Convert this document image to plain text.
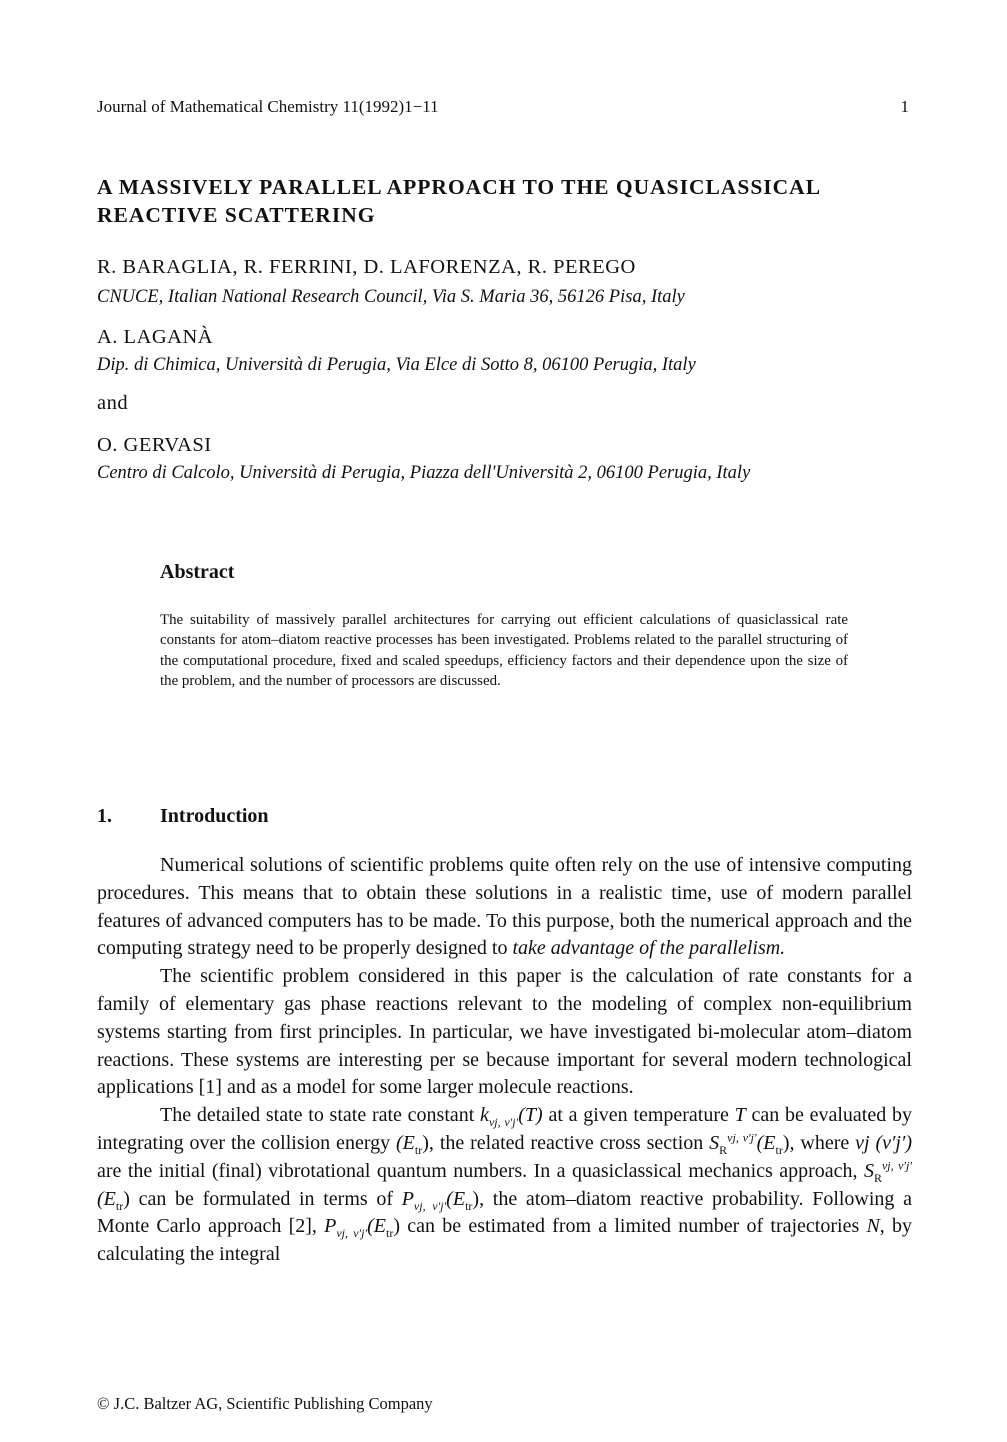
Journal of Mathematical Chemistry 11(1992)1−11	1
A MASSIVELY PARALLEL APPROACH TO THE QUASICLASSICAL REACTIVE SCATTERING
R. BARAGLIA, R. FERRINI, D. LAFORENZA, R. PEREGO
CNUCE, Italian National Research Council, Via S. Maria 36, 56126 Pisa, Italy
A. LAGANÀ
Dip. di Chimica, Università di Perugia, Via Elce di Sotto 8, 06100 Perugia, Italy
and
O. GERVASI
Centro di Calcolo, Università di Perugia, Piazza dell'Università 2, 06100 Perugia, Italy
Abstract
The suitability of massively parallel architectures for carrying out efficient calculations of quasiclassical rate constants for atom–diatom reactive processes has been investigated. Problems related to the parallel structuring of the computational procedure, fixed and scaled speedups, efficiency factors and their dependence upon the size of the problem, and the number of processors are discussed.
1. Introduction

Numerical solutions of scientific problems quite often rely on the use of intensive computing procedures. This means that to obtain these solutions in a realistic time, use of modern parallel features of advanced computers has to be made. To this purpose, both the numerical approach and the computing strategy need to be properly designed to take advantage of the parallelism.

The scientific problem considered in this paper is the calculation of rate constants for a family of elementary gas phase reactions relevant to the modeling of complex non-equilibrium systems starting from first principles. In particular, we have investigated bi-molecular atom–diatom reactions. These systems are interesting per se because important for several modern technological applications [1] and as a model for some larger molecule reactions.

The detailed state to state rate constant $k_{vj, v'j'}(T)$ at a given temperature T can be evaluated by integrating over the collision energy $(E_{tr})$, the related reactive cross section $S_R^{vj, v'j'}(E_{tr})$, where vj (v′j′) are the initial (final) vibrotational quantum numbers. In a quasiclassical mechanics approach, $S_R^{vj, v'j'}(E_{tr})$ can be formulated in terms of $P_{vj, v'j'}(E_{tr})$, the atom–diatom reactive probability. Following a Monte Carlo approach [2], $P_{vj, v'j'}(E_{tr})$ can be estimated from a limited number of trajectories N, by calculating the integral

© J.C. Baltzer AG, Scientific Publishing Company
